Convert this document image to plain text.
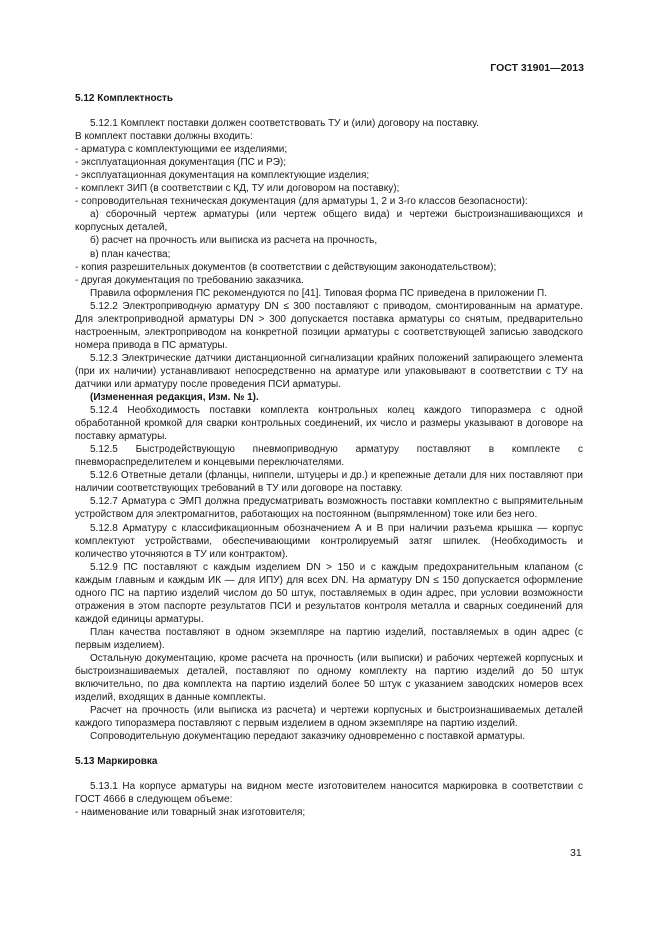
ГОСТ 31901—2013

5.12 Комплектность

5.12.1 Комплект поставки должен соответствовать ТУ и (или) договору на поставку.

В комплект поставки должны входить:

- арматура с комплектующими ее изделиями;

- эксплуатационная документация (ПС и РЭ);

- эксплуатационная документация на комплектующие изделия;

- комплект ЗИП (в соответствии с КД, ТУ или договором на поставку);

- сопроводительная техническая документация (для арматуры 1, 2 и 3-го классов безопасности):

а) сборочный чертеж арматуры (или чертеж общего вида) и чертежи быстроизнашивающихся и корпусных деталей,

б) расчет на прочность или выписка из расчета на прочность,

в) план качества;

- копия разрешительных документов (в соответствии с действующим законодательством);

- другая документация по требованию заказчика.

Правила оформления ПС рекомендуются по [41]. Типовая форма ПС приведена в приложении П.

5.12.2 Электроприводную арматуру DN ≤ 300 поставляют с приводом, смонтированным на арматуре. Для электроприводной арматуры DN > 300 допускается поставка арматуры со снятым, предварительно настроенным, электроприводом на конкретной позиции арматуры с соответствующей записью заводского номера привода в ПС арматуры.

5.12.3 Электрические датчики дистанционной сигнализации крайних положений запирающего элемента (при их наличии) устанавливают непосредственно на арматуре или упаковывают в соответствии с ТУ на датчики или арматуру после проведения ПСИ арматуры.

(Измененная редакция, Изм. № 1).

5.12.4 Необходимость поставки комплекта контрольных колец каждого типоразмера с одной обработанной кромкой для сварки контрольных соединений, их число и размеры указывают в договоре на поставку арматуры.

5.12.5 Быстродействующую пневмоприводную арматуру поставляют в комплекте с пневмораспределителем и концевыми переключателями.

5.12.6 Ответные детали (фланцы, ниппели, штуцеры и др.) и крепежные детали для них поставляют при наличии соответствующих требований в ТУ или договоре на поставку.

5.12.7 Арматура с ЭМП должна предусматривать возможность поставки комплектно с выпрямительным устройством для электромагнитов, работающих на постоянном (выпрямленном) токе или без него.

5.12.8 Арматуру с классификационным обозначением А и В при наличии разъема крышка — корпус комплектуют устройствами, обеспечивающими контролируемый затяг шпилек. (Необходимость и количество уточняются в ТУ или контрактом).

5.12.9 ПС поставляют с каждым изделием DN > 150 и с каждым предохранительным клапаном (с каждым главным и каждым ИК — для ИПУ) для всех DN. На арматуру DN ≤ 150 допускается оформление одного ПС на партию изделий числом до 50 штук, поставляемых в один адрес, при условии возможности отражения в этом паспорте результатов ПСИ и результатов контроля металла и сварных соединений для каждой единицы арматуры.

План качества поставляют в одном экземпляре на партию изделий, поставляемых в один адрес (с первым изделием).

Остальную документацию, кроме расчета на прочность (или выписки) и рабочих чертежей корпусных и быстроизнашиваемых деталей, поставляют по одному комплекту на партию изделий до 50 штук включительно, по два комплекта на партию изделий более 50 штук с указанием заводских номеров всех изделий, входящих в данные комплекты.

Расчет на прочность (или выписка из расчета) и чертежи корпусных и быстроизнашиваемых деталей каждого типоразмера поставляют с первым изделием в одном экземпляре на партию изделий.

Сопроводительную документацию передают заказчику одновременно с поставкой арматуры.

5.13 Маркировка

5.13.1 На корпусе арматуры на видном месте изготовителем наносится маркировка в соответствии с ГОСТ 4666 в следующем объеме:

- наименование или товарный знак изготовителя;

31
